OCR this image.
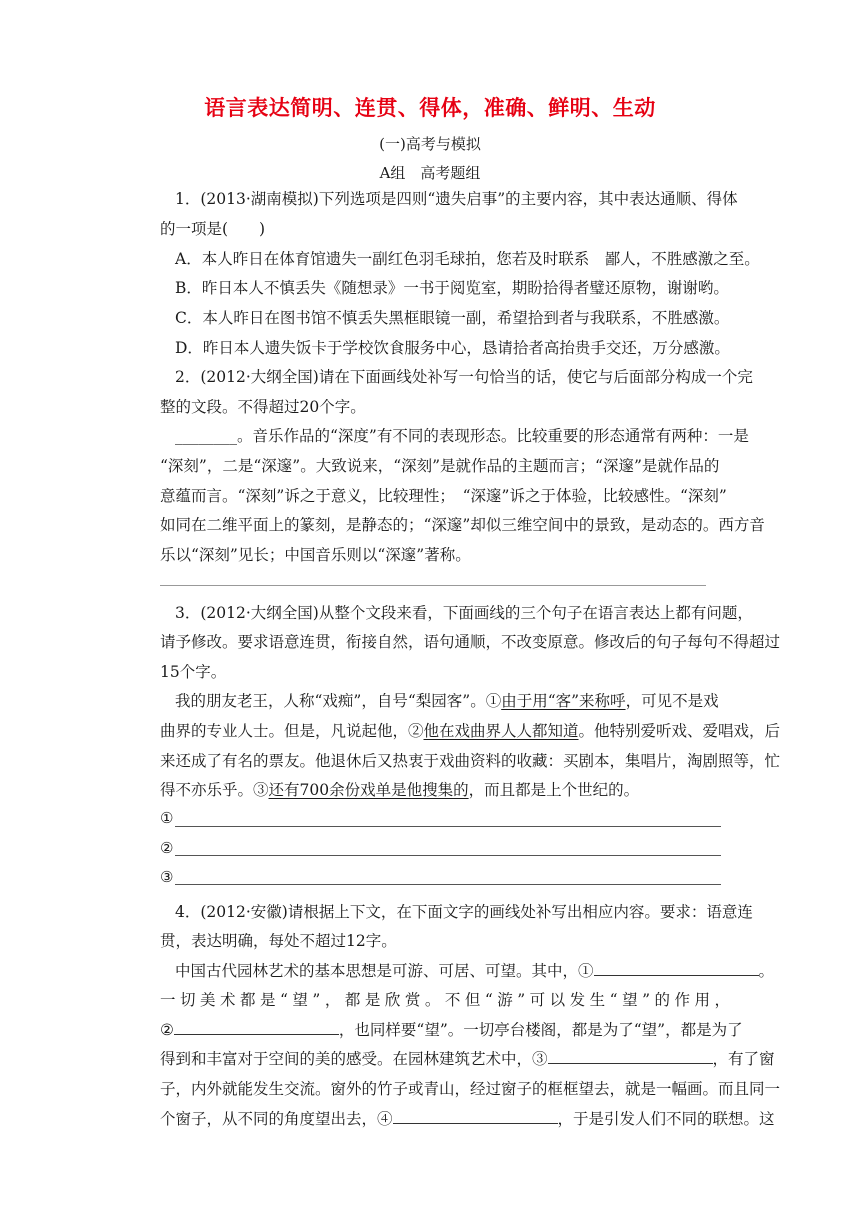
语言表达简明、连贯、得体，准确、鲜明、生动
(一)高考与模拟
A组　高考题组
1．(2013·湖南模拟)下列选项是四则“遗失启事”的主要内容，其中表达通顺、得体
的一项是(　　)
A．本人昨日在体育馆遗失一副红色羽毛球拍，您若及时联系　鄙人，不胜感激之至。
B．昨日本人不慎丢失《随想录》一书于阅览室，期盼拾得者璧还原物，谢谢哟。
C．本人昨日在图书馆不慎丢失黑框眼镜一副，希望拾到者与我联系，不胜感激。
D．昨日本人遗失饭卡于学校饮食服务中心，恳请拾者高抬贵手交还，万分感激。
2．(2012·大纲全国)请在下面画线处补写一句恰当的话，使它与后面部分构成一个完
整的文段。不得超过20个字。
________。音乐作品的“深度”有不同的表现形态。比较重要的形态通常有两种：一是
“深刻”，二是“深邃”。大致说来，“深刻”是就作品的主题而言；“深邃”是就作品的
意蕴而言。“深刻”诉之于意义，比较理性；　“深邃”诉之于体验，比较感性。“深刻”
如同在二维平面上的篆刻，是静态的；“深邃”却似三维空间中的景致，是动态的。西方音
乐以“深刻”见长；中国音乐则以“深邃”著称。
3．(2012·大纲全国)从整个文段来看，下面画线的三个句子在语言表达上都有问题，
请予修改。要求语意连贯，衔接自然，语句通顺，不改变原意。修改后的句子每句不得超过
15个字。
我的朋友老王，人称“戏痴”，自号“梨园客”。①由于用“客”来称呼，可见不是戏
曲界的专业人士。但是，凡说起他，②他在戏曲界人人都知道。他特别爱听戏、爱唱戏，后
来还成了有名的票友。他退休后又热衷于戏曲资料的收藏：买剧本，集唱片，淘剧照等，忙
得不亦乐乎。③还有700余份戏单是他搜集的，而且都是上个世纪的。
①
②
③
4．(2012·安徽)请根据上下文，在下面文字的画线处补写出相应内容。要求：语意连
贯，表达明确，每处不超过12字。
中国古代园林艺术的基本思想是可游、可居、可望。其中，①	。
一切美术都是“望”，都是欣赏。不但“游”可以发生“望”的作用，
②	，也同样要“望”。一切亭台楼阁，都是为了“望”，都是为了
得到和丰富对于空间的美的感受。在园林建筑艺术中，③	，有了窗
子，内外就能发生交流。窗外的竹子或青山，经过窗子的框框望去，就是一幅画。而且同一
个窗子，从不同的角度望出去，④	，于是引发人们不同的联想。这
